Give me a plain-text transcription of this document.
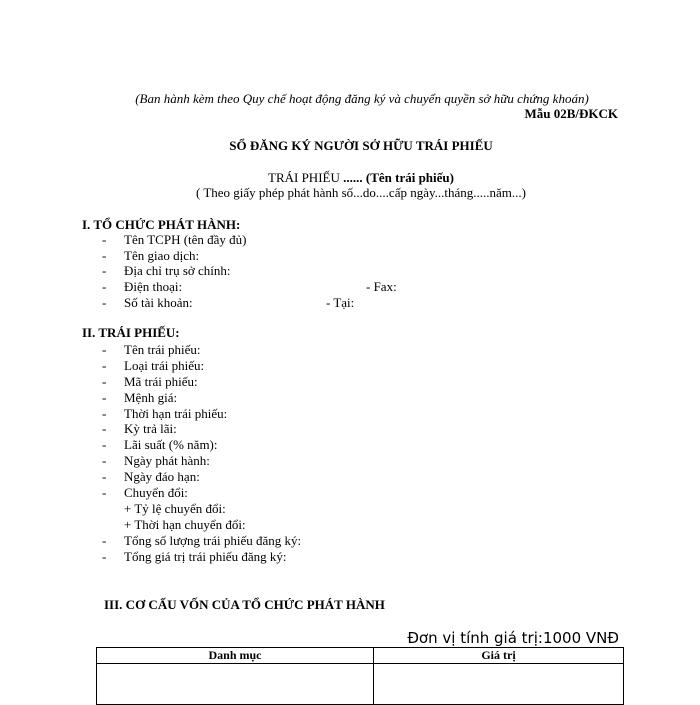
(Ban hành kèm theo Quy chế hoạt động đăng ký và chuyển quyền sở hữu chứng khoán)
Mẫu 02B/ĐKCK
SỔ ĐĂNG KÝ NGƯỜI SỞ HỮU TRÁI PHIẾU
TRÁI PHIẾU ...... (Tên trái phiếu)
( Theo giấy phép phát hành số...do....cấp ngày...tháng.....năm...)
I. TỔ CHỨC PHÁT HÀNH:
- Tên TCPH (tên đầy đủ)
- Tên giao dịch:
- Địa chỉ trụ sở chính:
- Điện thoại:	- Fax:
- Số tài khoản:	- Tại:
II. TRÁI PHIẾU:
- Tên trái phiếu:
- Loại trái phiếu:
- Mã trái phiếu:
- Mệnh giá:
- Thời hạn trái phiếu:
- Kỳ trả lãi:
- Lãi suất (% năm):
- Ngày phát hành:
- Ngày đáo hạn:
- Chuyển đổi:
+ Tỷ lệ chuyển đổi:
+ Thời hạn chuyển đổi:
- Tổng số lượng trái phiếu đăng ký:
- Tổng giá trị trái phiếu đăng ký:
III. CƠ CẤU VỐN CỦA TỔ CHỨC PHÁT HÀNH
Đơn vị tính giá trị:1000 VNĐ
Danh mục	Giá trị
